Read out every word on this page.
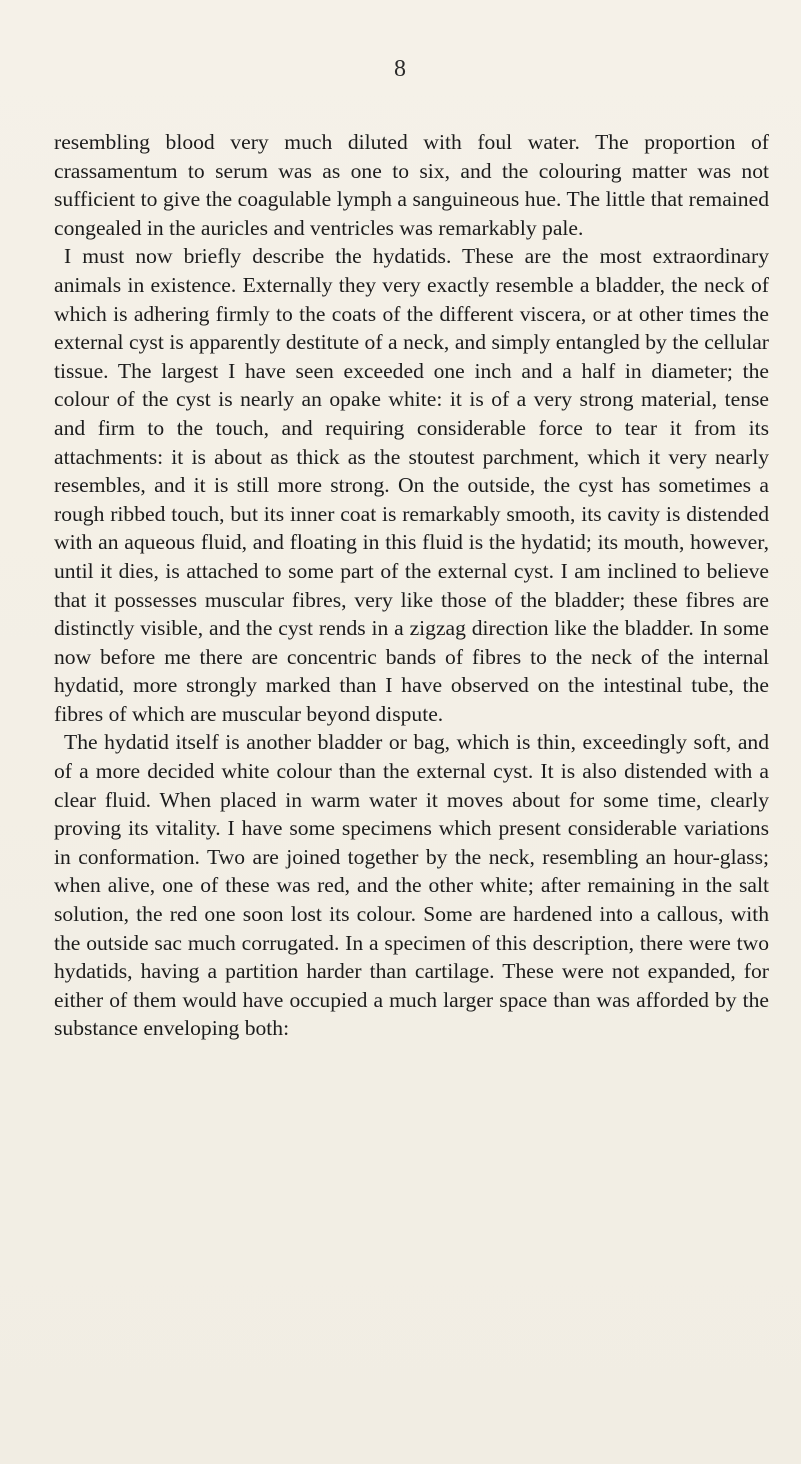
8

resembling blood very much diluted with foul water. The proportion of crassamentum to serum was as one to six, and the colouring matter was not sufficient to give the coagulable lymph a sanguineous hue. The little that remained congealed in the auricles and ventricles was remarkably pale.

I must now briefly describe the hydatids. These are the most extraordinary animals in existence. Externally they very exactly resemble a bladder, the neck of which is adhering firmly to the coats of the different viscera, or at other times the external cyst is apparently destitute of a neck, and simply entangled by the cellular tissue. The largest I have seen exceeded one inch and a half in diameter; the colour of the cyst is nearly an opake white: it is of a very strong material, tense and firm to the touch, and requiring considerable force to tear it from its attachments: it is about as thick as the stoutest parchment, which it very nearly resembles, and it is still more strong. On the outside, the cyst has sometimes a rough ribbed touch, but its inner coat is remarkably smooth, its cavity is distended with an aqueous fluid, and floating in this fluid is the hydatid; its mouth, however, until it dies, is attached to some part of the external cyst. I am inclined to believe that it possesses muscular fibres, very like those of the bladder; these fibres are distinctly visible, and the cyst rends in a zigzag direction like the bladder. In some now before me there are concentric bands of fibres to the neck of the internal hydatid, more strongly marked than I have observed on the intestinal tube, the fibres of which are muscular beyond dispute.

The hydatid itself is another bladder or bag, which is thin, exceedingly soft, and of a more decided white colour than the external cyst. It is also distended with a clear fluid. When placed in warm water it moves about for some time, clearly proving its vitality. I have some specimens which present considerable variations in conformation. Two are joined together by the neck, resembling an hour-glass; when alive, one of these was red, and the other white; after remaining in the salt solution, the red one soon lost its colour. Some are hardened into a callous, with the outside sac much corrugated. In a specimen of this description, there were two hydatids, having a partition harder than cartilage. These were not expanded, for either of them would have occupied a much larger space than was afforded by the substance enveloping both:
